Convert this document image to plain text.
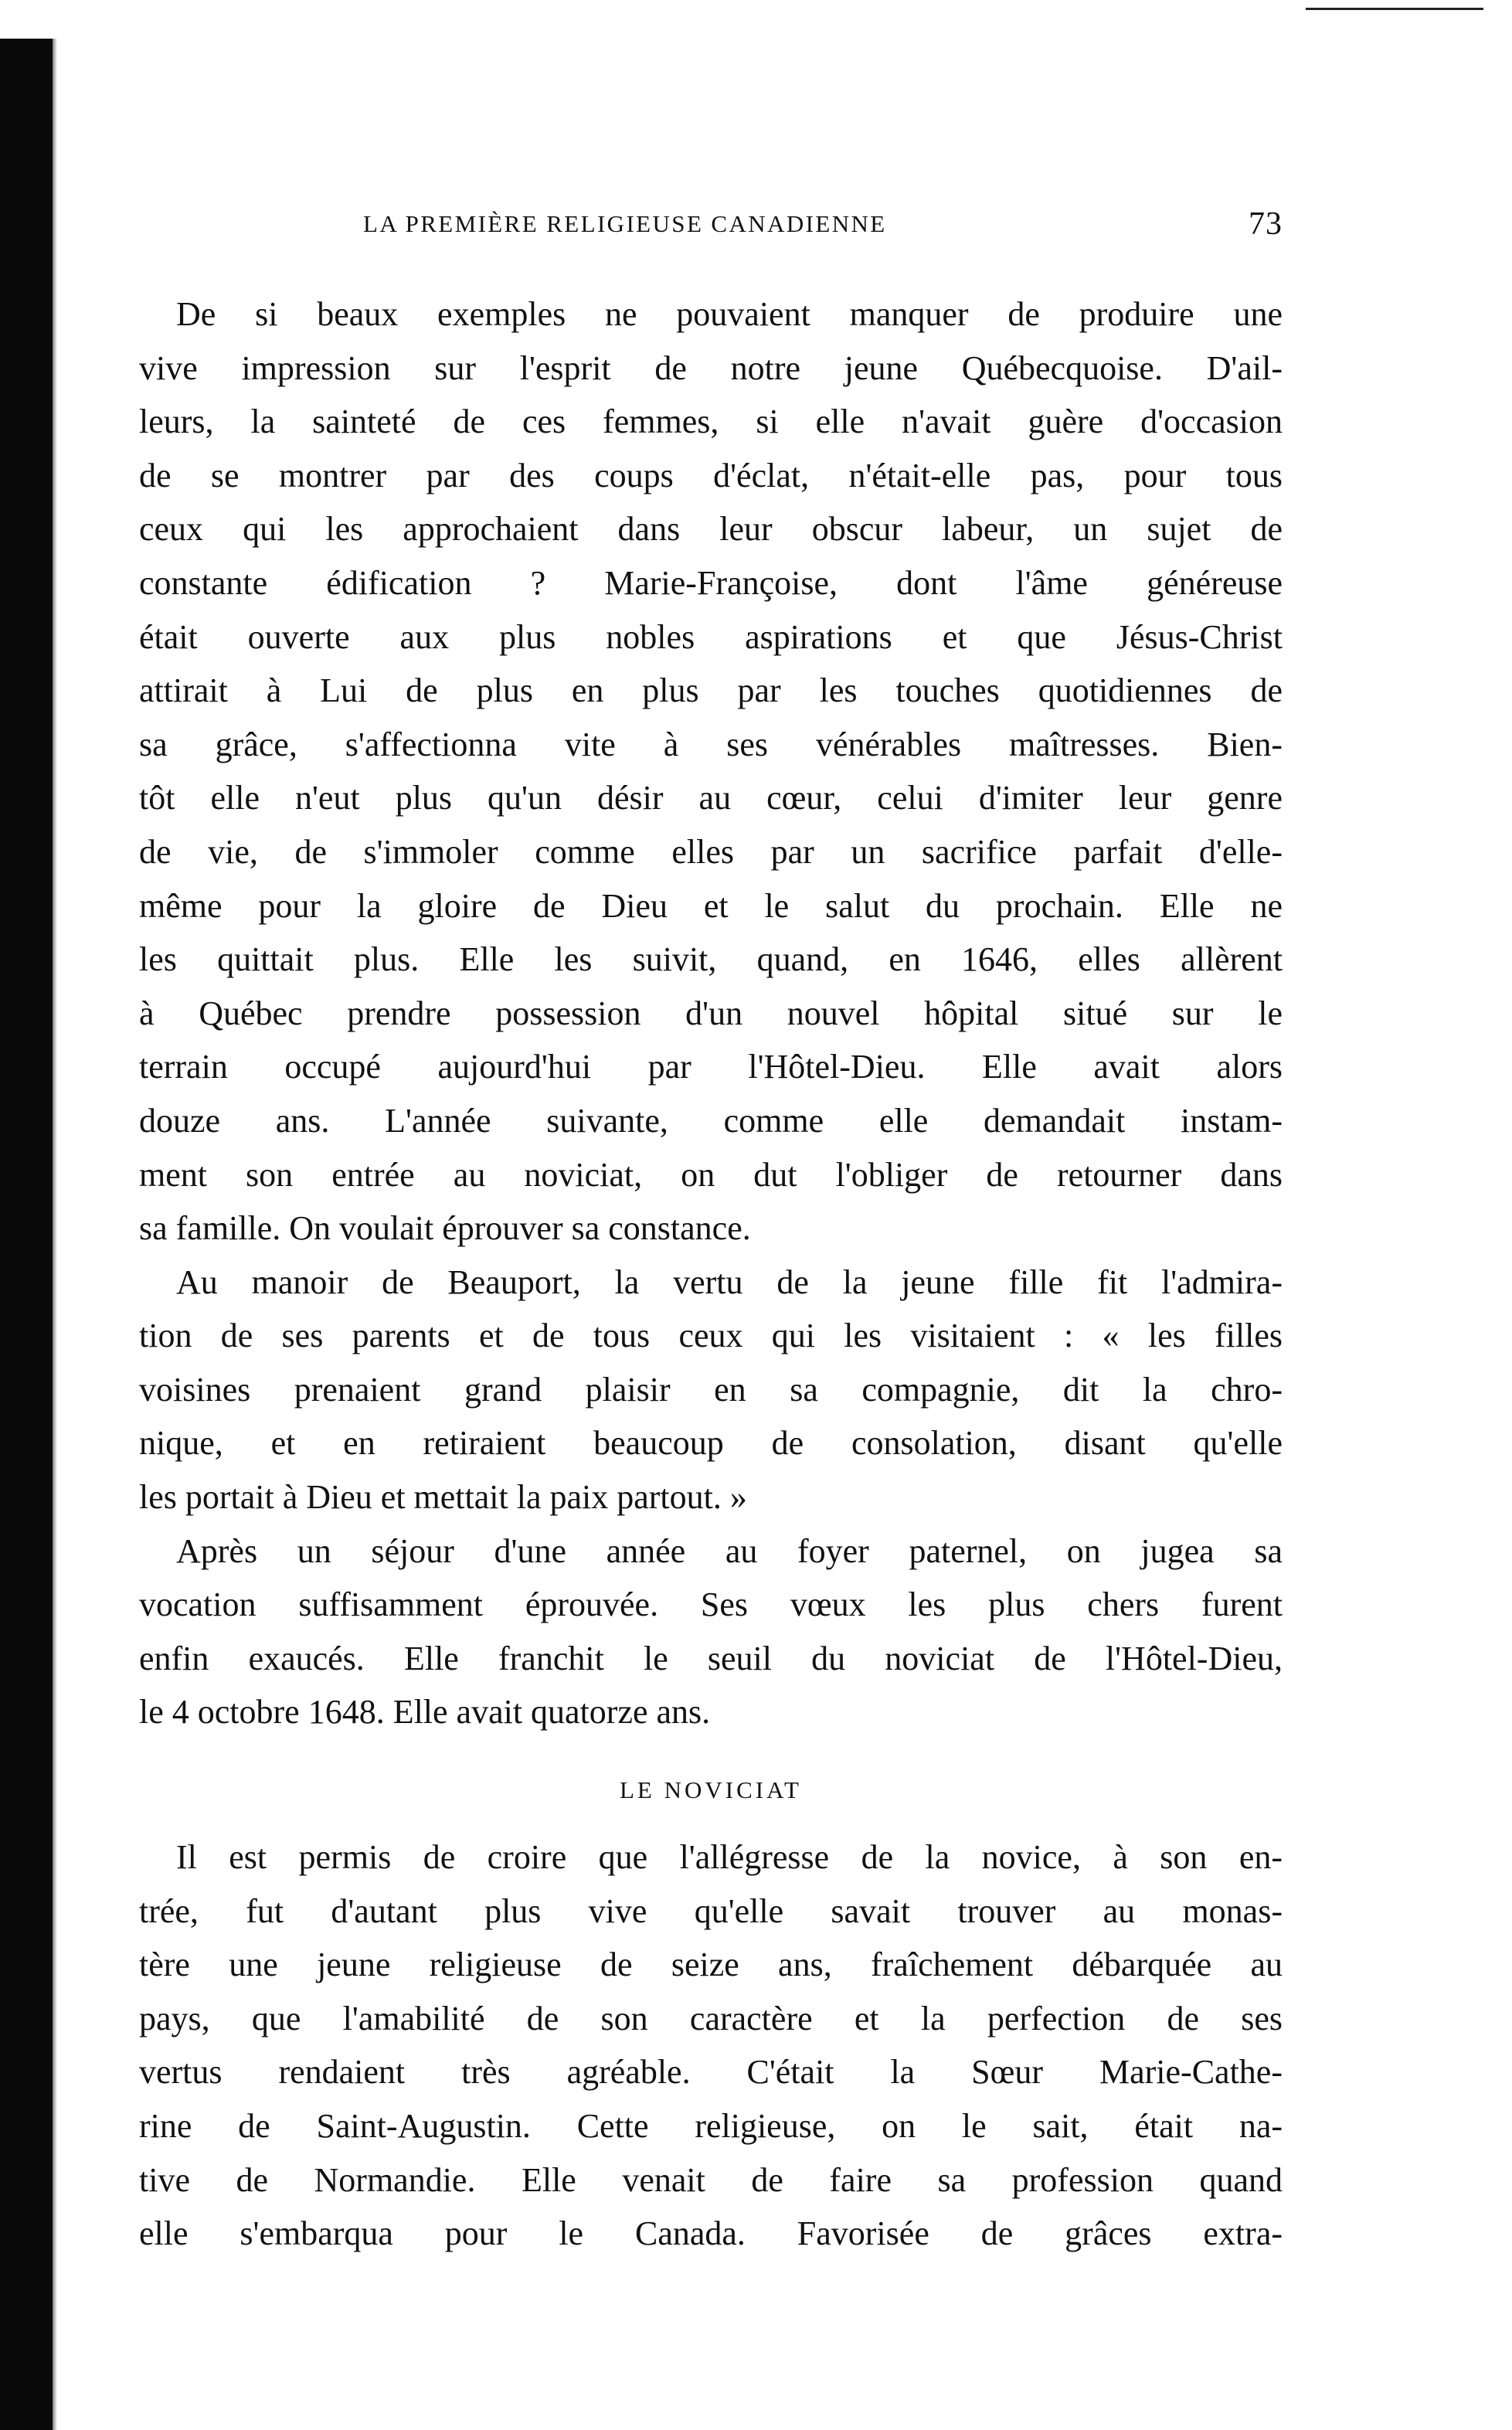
LA PREMIÈRE RELIGIEUSE CANADIENNE	73
De si beaux exemples ne pouvaient manquer de produire une
vive impression sur l'esprit de notre jeune Québecquoise. D'ail-
leurs, la sainteté de ces femmes, si elle n'avait guère d'occasion
de se montrer par des coups d'éclat, n'était-elle pas, pour tous
ceux qui les approchaient dans leur obscur labeur, un sujet de
constante édification ? Marie-Françoise, dont l'âme généreuse
était ouverte aux plus nobles aspirations et que Jésus-Christ
attirait à Lui de plus en plus par les touches quotidiennes de
sa grâce, s'affectionna vite à ses vénérables maîtresses. Bien-
tôt elle n'eut plus qu'un désir au cœur, celui d'imiter leur genre
de vie, de s'immoler comme elles par un sacrifice parfait d'elle-
même pour la gloire de Dieu et le salut du prochain. Elle ne
les quittait plus. Elle les suivit, quand, en 1646, elles allèrent
à Québec prendre possession d'un nouvel hôpital situé sur le
terrain occupé aujourd'hui par l'Hôtel-Dieu. Elle avait alors
douze ans. L'année suivante, comme elle demandait instam-
ment son entrée au noviciat, on dut l'obliger de retourner dans
sa famille. On voulait éprouver sa constance.
Au manoir de Beauport, la vertu de la jeune fille fit l'admira-
tion de ses parents et de tous ceux qui les visitaient : « les filles
voisines prenaient grand plaisir en sa compagnie, dit la chro-
nique, et en retiraient beaucoup de consolation, disant qu'elle
les portait à Dieu et mettait la paix partout. »
Après un séjour d'une année au foyer paternel, on jugea sa
vocation suffisamment éprouvée. Ses vœux les plus chers furent
enfin exaucés. Elle franchit le seuil du noviciat de l'Hôtel-Dieu,
le 4 octobre 1648. Elle avait quatorze ans.
LE NOVICIAT
Il est permis de croire que l'allégresse de la novice, à son en-
trée, fut d'autant plus vive qu'elle savait trouver au monas-
tère une jeune religieuse de seize ans, fraîchement débarquée au
pays, que l'amabilité de son caractère et la perfection de ses
vertus rendaient très agréable. C'était la Sœur Marie-Cathe-
rine de Saint-Augustin. Cette religieuse, on le sait, était na-
tive de Normandie. Elle venait de faire sa profession quand
elle s'embarqua pour le Canada. Favorisée de grâces extra-
